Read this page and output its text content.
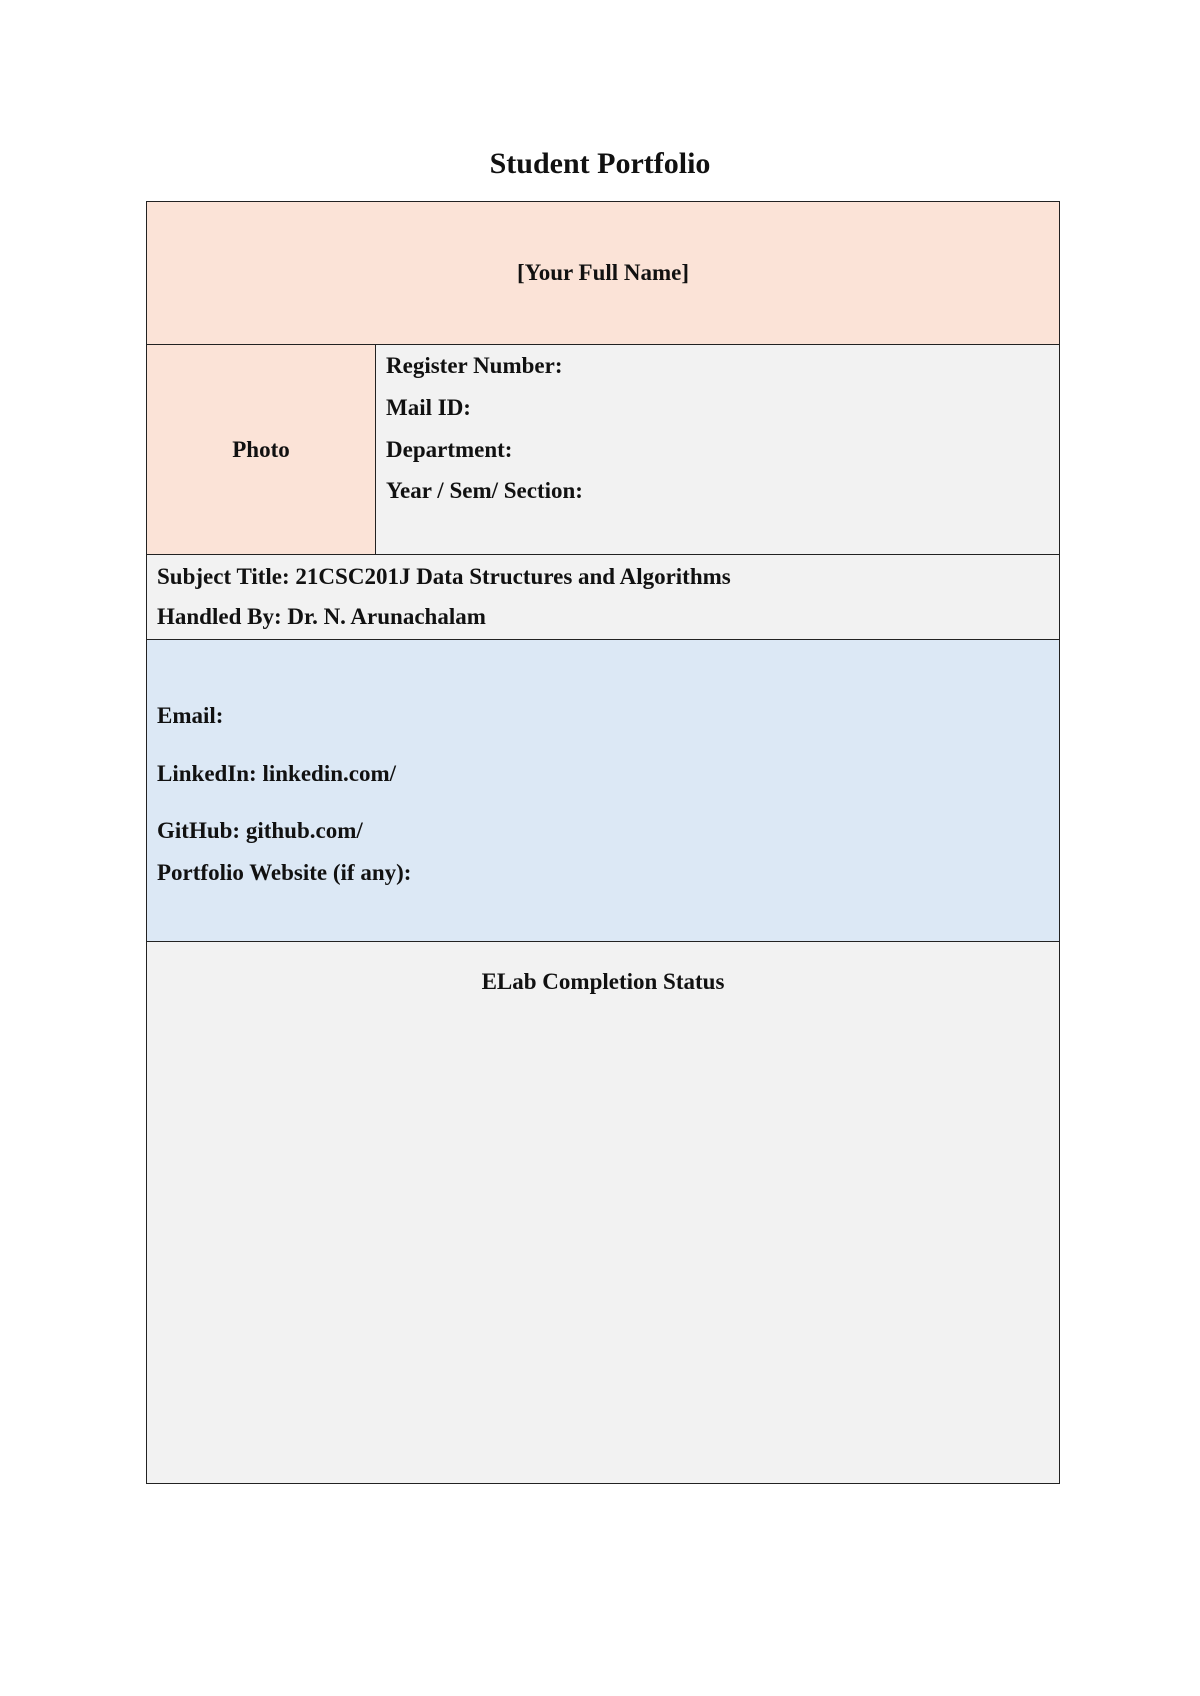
Student Portfolio
[Your Full Name]
Photo
Register Number:
Mail ID:
Department:
Year / Sem/ Section:
Subject Title: 21CSC201J Data Structures and Algorithms
Handled By: Dr. N. Arunachalam
Email:
LinkedIn: linkedin.com/
GitHub: github.com/
Portfolio Website (if any):
ELab Completion Status
